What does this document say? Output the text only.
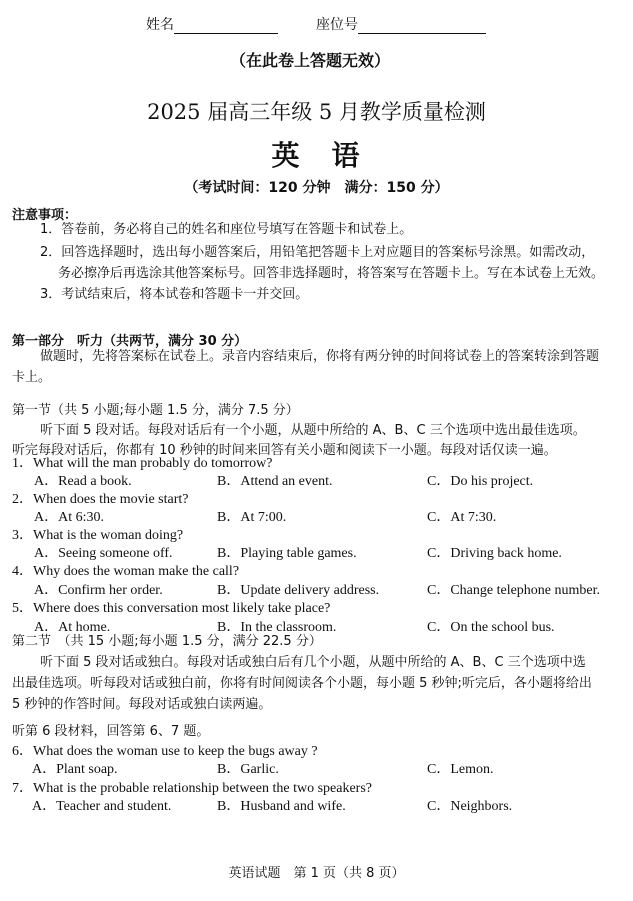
姓名	座位号
（在此卷上答题无效）
2025 届高三年级 5 月教学质量检测
英　语
（考试时间：120 分钟　满分：150 分）
注意事项：
1．答卷前，务必将自己的姓名和座位号填写在答题卡和试卷上。
2．回答选择题时，选出每小题答案后，用铅笔把答题卡上对应题目的答案标号涂黑。如需改动，
务必擦净后再选涂其他答案标号。回答非选择题时，将答案写在答题卡上。写在本试卷上无效。
3．考试结束后，将本试卷和答题卡一并交回。
第一部分　听力（共两节，满分 30 分）
做题时，先将答案标在试卷上。录音内容结束后，你将有两分钟的时间将试卷上的答案转涂到答题
卡上。
第一节（共 5 小题;每小题 1.5 分，满分 7.5 分）
听下面 5 段对话。每段对话后有一个小题，从题中所给的 A、B、C 三个选项中选出最佳选项。
听完每段对话后，你都有 10 秒钟的时间来回答有关小题和阅读下一小题。每段对话仅读一遍。
1．What will the man probably do tomorrow?
A．Read a book.	B．Attend an event.	C．Do his project.
2．When does the movie start?
A．At 6:30.	B．At 7:00.	C．At 7:30.
3．What is the woman doing?
A．Seeing someone off.	B．Playing table games.	C．Driving back home.
4．Why does the woman make the call?
A．Confirm her order.	B．Update delivery address.	C．Change telephone number.
5．Where does this conversation most likely take place?
A．At home.	B．In the classroom.	C．On the school bus.
第二节　（共 15 小题;每小题 1.5 分，满分 22.5 分）
听下面 5 段对话或独白。每段对话或独白后有几个小题，从题中所给的 A、B、C 三个选项中选
出最佳选项。听每段对话或独白前，你将有时间阅读各个小题，每小题 5 秒钟;听完后，各小题将给出
5 秒钟的作答时间。每段对话或独白读两遍。
听第 6 段材料，回答第 6、7 题。
6．What does the woman use to keep the bugs away ?
A．Plant soap.	B．Garlic.	C．Lemon.
7．What is the probable relationship between the two speakers?
A．Teacher and student.	B．Husband and wife.	C．Neighbors.
英语试题　第 1 页（共 8 页）
